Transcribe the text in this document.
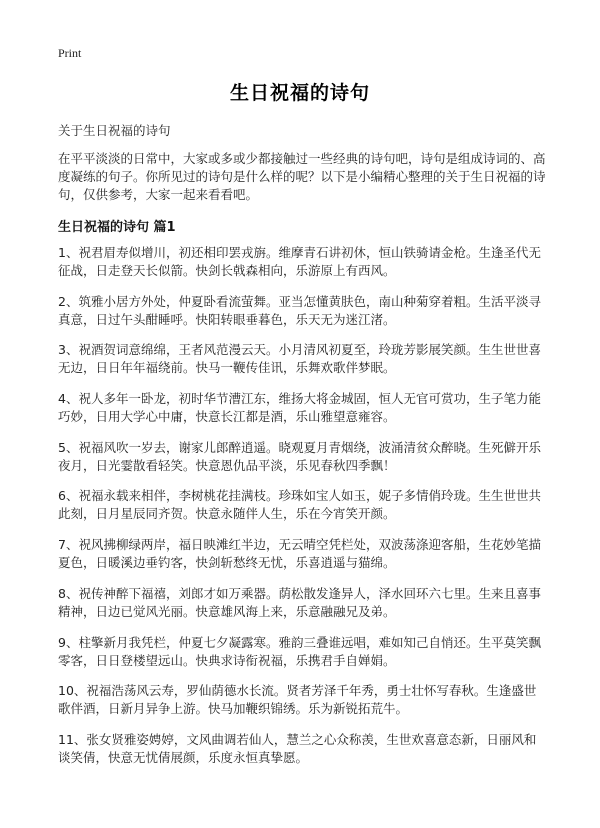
Print
生日祝福的诗句
关于生日祝福的诗句

在平平淡淡的日常中，大家或多或少都接触过一些经典的诗句吧，诗句是组成诗词的、高度凝练的句子。你所见过的诗句是什么样的呢？以下是小编精心整理的关于生日祝福的诗句，仅供参考，大家一起来看看吧。

生日祝福的诗句 篇1
1、祝君眉寿似增川，初还相印罢戎旃。维摩青石讲初休，恒山铁骑请金枪。生逢圣代无征战，日走登天长似箭。快剑长戟森相向，乐游原上有西风。
2、筑雅小居方外处，仲夏卧看流萤舞。亚当怎懂黄肤色，南山种菊穿着粗。生活平淡寻真意，日过午头酣睡呼。快阳转眼垂暮色，乐天无为迷江渚。
3、祝酒贺词意绵绵，王者风范漫云天。小月清风初夏至，玲珑芳影展笑颜。生生世世喜无边，日日年年福绕前。快马一鞭传佳讯，乐舞欢歌伴梦眠。
4、祝人多年一卧龙，初时华节漕江东，维扬大将金城固，恒人无官可赏功，生子笔力能巧妙，日用大学心中庸，快意长江都是酒，乐山雅望意雍容。
5、祝福风吹一岁去，谢家儿郎醉逍遥。晓观夏月青烟绕，波涌清贫众醉晓。生死僻开乐夜月，日光霎散看轻笑。快意恩仇品平淡，乐见春秋四季飘！
6、祝福永载来相伴，李树桃花挂满枝。珍珠如宝人如玉，妮子多情俏玲珑。生生世世共此刻，日月星辰同齐贺。快意永随伴人生，乐在今宵笑开颜。
7、祝风拂柳绿两岸，福日映滩红半边，无云晴空凭栏处，双波荡涤迎客船，生花妙笔描夏色，日暖溪边垂钓客，快剑斩愁终无忧，乐喜逍遥与猫绵。
8、祝传神醉下福禧，刘郎才如万乘器。荫松散发逢异人，泽水回环六七里。生来且喜事精神，日边已觉风光丽。快意雄风海上来，乐意融融兄及弟。
9、柱擎新月我凭栏，仲夏七夕凝露寒。雅韵三叠谁远唱，难如知己自悄还。生平莫笑飘零客，日日登楼望远山。快典求诗衔祝福，乐携君手自婵娟。
10、祝福浩荡风云寿，罗仙荫德水长流。贤者芳泽千年秀，勇士壮怀写春秋。生逢盛世歌伴酒，日新月异争上游。快马加鞭织锦绣。乐为新锐拓荒牛。
11、张女贤雅姿娉婷，文风曲调若仙人，慧兰之心众称羡，生世欢喜意态新，日丽风和谈笑倩，快意无忧倩展颜，乐度永恒真挚愿。
